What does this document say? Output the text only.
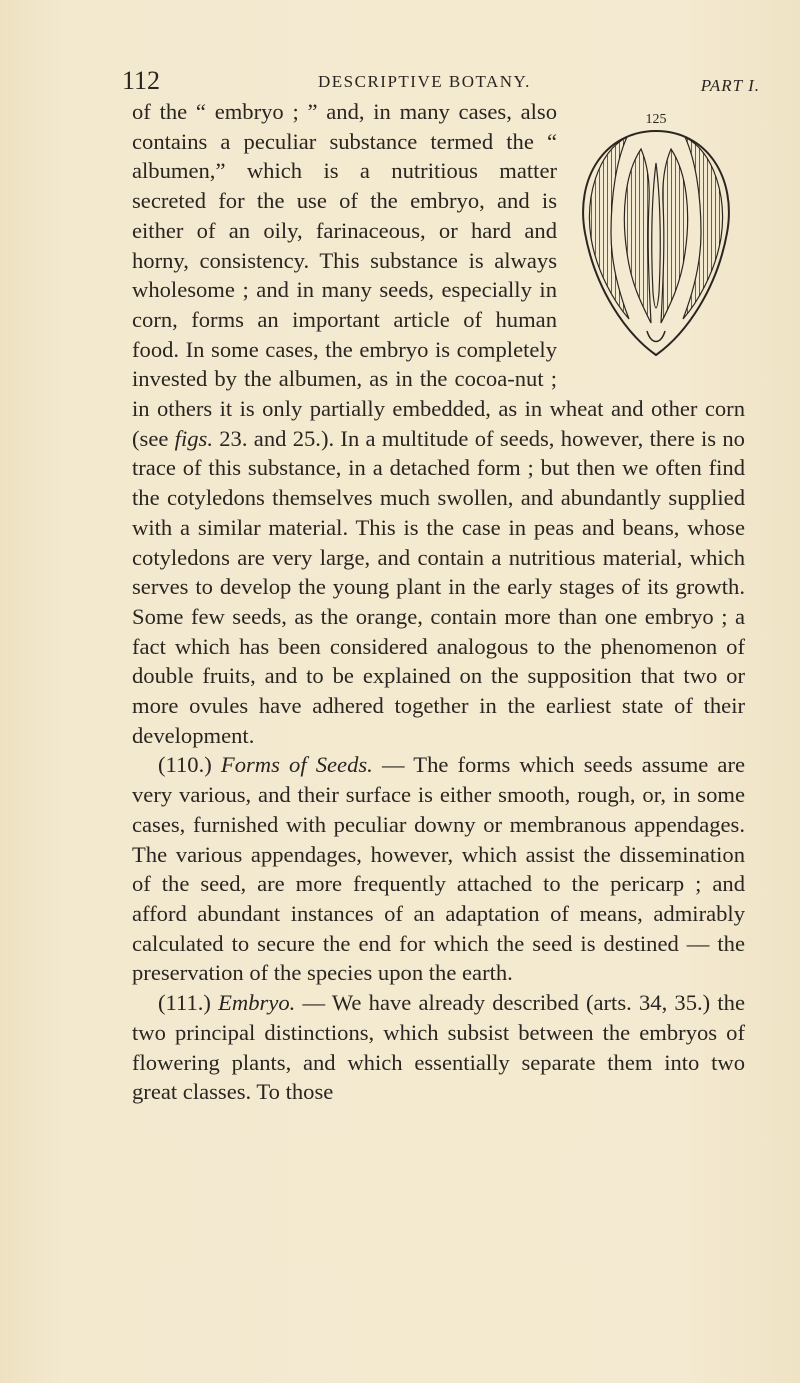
112	DESCRIPTIVE BOTANY.	PART I.
125

of the “ embryo ; ” and, in many cases, also contains a peculiar substance termed the “ albumen,” which is a nutritious matter secreted for the use of the embryo, and is either of an oily, farinaceous, or hard and horny, consistency. This substance is always wholesome ; and in many seeds, especially in corn, forms an important article of human food. In some cases, the embryo is completely invested by the albumen, as in the cocoa-nut ; in others it is only partially embedded, as in wheat and other corn (see figs. 23. and 25.). In a multitude of seeds, however, there is no trace of this substance, in a detached form ; but then we often find the cotyledons themselves much swollen, and abundantly supplied with a similar material. This is the case in peas and beans, whose cotyledons are very large, and contain a nutritious material, which serves to develop the young plant in the early stages of its growth. Some few seeds, as the orange, contain more than one embryo ; a fact which has been considered analogous to the phenomenon of double fruits, and to be explained on the supposition that two or more ovules have adhered together in the earliest state of their development.

(110.) Forms of Seeds. — The forms which seeds assume are very various, and their surface is either smooth, rough, or, in some cases, furnished with peculiar downy or membranous appendages. The various appendages, however, which assist the dissemination of the seed, are more frequently attached to the pericarp ; and afford abundant instances of an adaptation of means, admirably calculated to secure the end for which the seed is destined — the preservation of the species upon the earth.

(111.) Embryo. — We have already described (arts. 34, 35.) the two principal distinctions, which subsist between the embryos of flowering plants, and which essentially separate them into two great classes. To those
